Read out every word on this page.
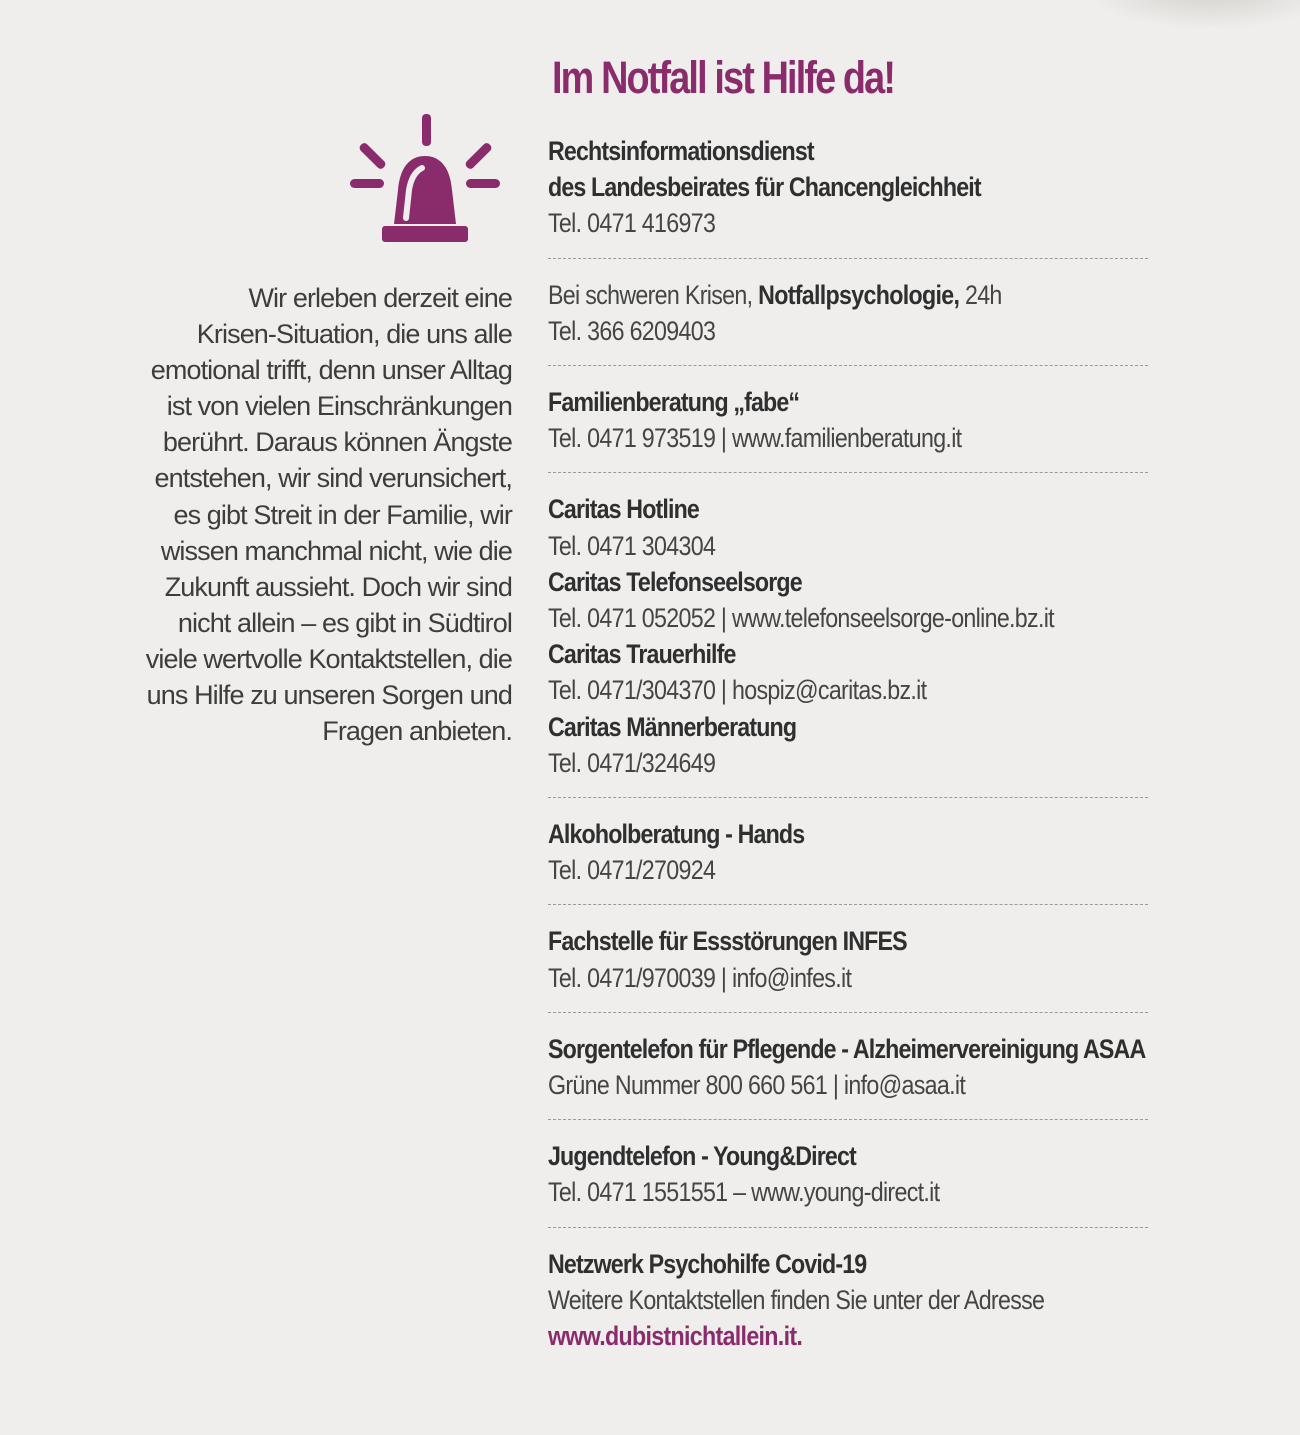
Wir erleben derzeit eine
Krisen-Situation, die uns alle
emotional trifft, denn unser Alltag
ist von vielen Einschränkungen
berührt. Daraus können Ängste
entstehen, wir sind verunsichert,
es gibt Streit in der Familie, wir
wissen manchmal nicht, wie die
Zukunft aussieht. Doch wir sind
nicht allein – es gibt in Südtirol
viele wertvolle Kontaktstellen, die
uns Hilfe zu unseren Sorgen und
Fragen anbieten.
Im Notfall ist Hilfe da!
Rechtsinformationsdienst
des Landesbeirates für Chancengleichheit
Tel. 0471 416973
Bei schweren Krisen, Notfallpsychologie, 24h
Tel. 366 6209403
Familienberatung „fabe“
Tel. 0471 973519 | www.familienberatung.it
Caritas Hotline
Tel. 0471 304304
Caritas Telefonseelsorge
Tel. 0471 052052 | www.telefonseelsorge-online.bz.it
Caritas Trauerhilfe
Tel. 0471/304370 | hospiz@caritas.bz.it
Caritas Männerberatung
Tel. 0471/324649
Alkoholberatung - Hands
Tel. 0471/270924
Fachstelle für Essstörungen INFES
Tel. 0471/970039 | info@infes.it
Sorgentelefon für Pflegende - Alzheimervereinigung ASAA
Grüne Nummer 800 660 561 | info@asaa.it
Jugendtelefon - Young&Direct
Tel. 0471 1551551 – www.young-direct.it
Netzwerk Psychohilfe Covid-19
Weitere Kontaktstellen finden Sie unter der Adresse
www.dubistnichtallein.it.
